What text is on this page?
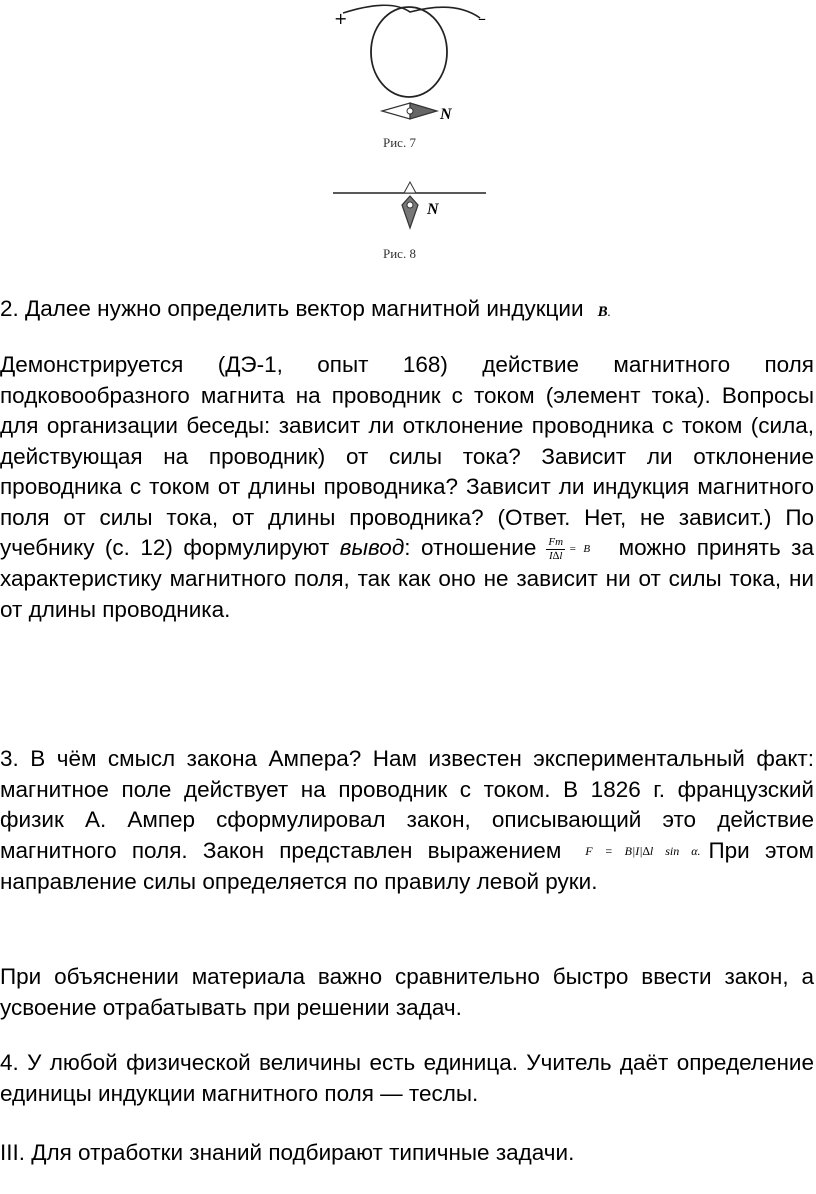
+	–
N
Рис. 7
N
Рис. 8

2. Далее нужно определить вектор магнитной индукции→ B.

Демонстрируется (ДЭ-1, опыт 168) действие магнитного поля подковообразного магнита на проводник с током (элемент тока). Вопросы для организации беседы: зависит ли отклонение проводника с током (сила, действующая на проводник) от силы тока? Зависит ли отклонение проводника с током от длины проводника? Зависит ли индукция магнитного поля от силы тока, от длины проводника? (Ответ. Нет, не зависит.) По учебнику (с. 12) формулируют вывод: отношение $\frac{Fm}{I\Delta l} = B$ можно принять за характеристику магнитного поля, так как оно не зависит ни от силы тока, ни от длины проводника.

3. В чём смысл закона Ампера? Нам известен экспериментальный факт: магнитное поле действует на проводник с током. В 1826 г. французский физик А. Ампер сформулировал закон, описывающий это действие магнитного поля. Закон представлен выражением F = B|I|∆l sin α. При этом направление силы определяется по правилу левой руки.

При объяснении материала важно сравнительно быстро ввести закон, а усвоение отрабатывать при решении задач.

4. У любой физической величины есть единица. Учитель даёт определение единицы индукции магнитного поля — теслы.

III. Для отработки знаний подбирают типичные задачи.
